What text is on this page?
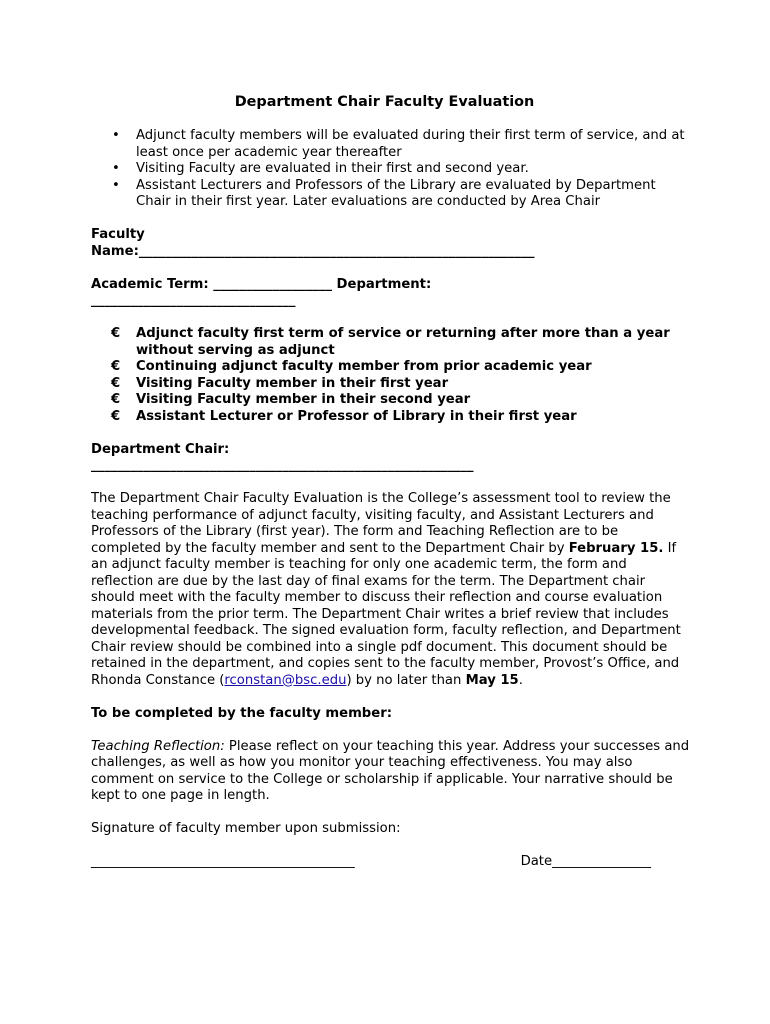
Department Chair Faculty Evaluation
• Adjunct faculty members will be evaluated during their first term of service, and at least once per academic year thereafter
• Visiting Faculty are evaluated in their first and second year.
• Assistant Lecturers and Professors of the Library are evaluated by Department Chair in their first year. Later evaluations are conducted by Area Chair
Faculty
Name:____________________________________________________________
Academic Term: __________________ Department:
_______________________________
€ Adjunct faculty first term of service or returning after more than a year without serving as adjunct
€ Continuing adjunct faculty member from prior academic year
€ Visiting Faculty member in their first year
€ Visiting Faculty member in their second year
€ Assistant Lecturer or Professor of Library in their first year
Department Chair:
__________________________________________________________

The Department Chair Faculty Evaluation is the College’s assessment tool to review the teaching performance of adjunct faculty, visiting faculty, and Assistant Lecturers and Professors of the Library (first year). The form and Teaching Reflection are to be completed by the faculty member and sent to the Department Chair by February 15. If an adjunct faculty member is teaching for only one academic term, the form and reflection are due by the last day of final exams for the term. The Department chair should meet with the faculty member to discuss their reflection and course evaluation materials from the prior term. The Department Chair writes a brief review that includes developmental feedback. The signed evaluation form, faculty reflection, and Department Chair review should be combined into a single pdf document. This document should be retained in the department, and copies sent to the faculty member, Provost’s Office, and Rhonda Constance (rconstan@bsc.edu) by no later than May 15.

To be completed by the faculty member:

Teaching Reflection: Please reflect on your teaching this year. Address your successes and challenges, as well as how you monitor your teaching effectiveness. You may also comment on service to the College or scholarship if applicable. Your narrative should be kept to one page in length.

Signature of faculty member upon submission:
________________________________________	Date_______________
